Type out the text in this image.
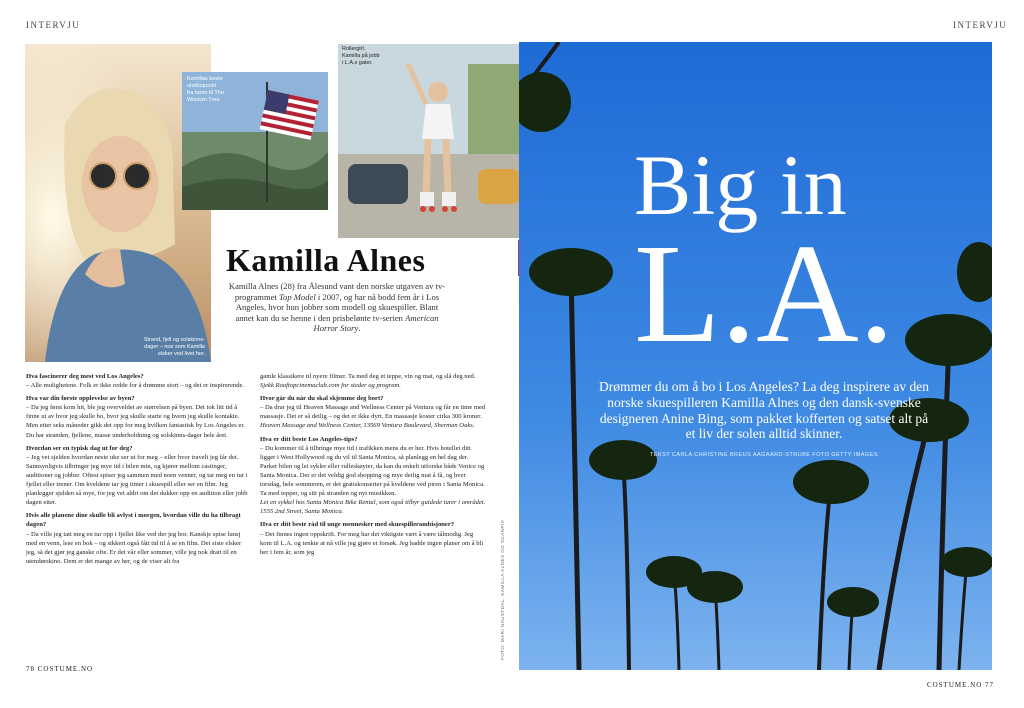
INTERVJU
Strand, fjell og solskinns-
dager – noe som Kamilla
elsker ved livet her.
Kamillas beste
utsiktspunkt
fra turen til The
Wisdom Tree.
Rollergirl.
Kamilla på jobb
i L.A.s gater.
Kamilla Alnes
Kamilla Alnes (28) fra Ålesund vant den norske utgaven av tv-programmet Top Model i 2007, og har nå bodd fem år i Los Angeles, hvor hun jobber som modell og skuespiller. Blant annet kan du se henne i den prisbelønte tv-serien American Horror Story.
Hva fascinerer deg mest ved Los Angeles?
– Alle mulighetene. Folk er ikke redde for å drømme stort – og det er inspirerende.
Hva var din første opplevelse av byen?
– Da jeg først kom hit, ble jeg overveldet av størrelsen på byen. Det tok litt tid å finne ut av hvor jeg skulle bo, hvor jeg skulle starte og hvem jeg skulle kontakte. Men etter seks måneder gikk det opp for meg hvilken fantastisk by Los Angeles er. Du har stranden, fjellene, masse underholdning og solskinns-dager hele året.
Hvordan ser en typisk dag ut for deg?
– Jeg vet sjelden hvordan neste uke ser ut for meg – eller hvor travelt jeg får det. Sannsynligvis tilbringer jeg mye tid i bilen min, og kjører mellom castinger, auditioner og jobber. Oftest spiser jeg sammen med noen venner, og tar meg en tur i fjellet eller trener. Om kveldene tar jeg timer i skuespill eller ser en film. Jeg planlegger sjelden så mye, for jeg vet aldri om det dukker opp en audition eller jobb dagen etter.
Hvis alle planene dine skulle bli avlyst i morgen, hvordan ville du ha tilbragt dagen?
– Da ville jeg tatt meg en tur opp i fjellet like ved der jeg bor. Kanskje spise lunsj med en venn, lese en bok – og sikkert også fått tid til å se en film. Det siste elsker jeg, så det gjør jeg ganske ofte. Er det vår eller sommer, ville jeg nok dratt til en utendørskino. Dem er det mange av her, og de viser alt fra
gamle klassikere til nyere filmer. Ta med deg et teppe, vin og mat, og slå deg ned.
Sjekk Rooftopcinemaclub.com for steder og program.
Hvor går du når du skal skjemme deg bort?
– Da drar jeg til Heaven Massage and Wellness Center på Ventura og får en time med massasje. Det er så deilig – og det er ikke dyrt. En massasje koster cirka 300 kroner.
Heaven Massage and Wellness Center, 13569 Ventura Boulevard, Sherman Oaks.
Hva er ditt beste Los Angeles-tips?
– Du kommer til å tilbringe mye tid i trafikken mens du er her. Hvis hotellet ditt ligger i West Hollywood og du vil til Santa Monica, så planlegg en hel dag der. Parker bilen og lei sykler eller rulleskøyter, da kan du enkelt utforske både Venice og Santa Monica. Der er det veldig god shopping og mye deilig mat å få, og hver torsdag, hele sommeren, er det gratiskonserter på kveldene ved piren i Santa Monica. Ta med tepper, og sitt på stranden og nyt musikken.
Lei en sykkel hos Santa Monica Bike Rental, som også tilbyr guidede turer i området. 1555 2nd Street, Santa Monica.
Hva er ditt beste råd til unge mennesker med skuespillerambisjoner?
– Det finnes ingen oppskrift. For meg har det viktigste vært å være tålmodig. Jeg kom til L.A. og tenkte at nå ville jeg gjøre et forsøk. Jeg hadde ingen planer om å bli her i fem år, som jeg	FOTO: MARI NAUSTDAL, KAMILLA ALNES OG SCANPIX
78 COSTUME.NO
INTERVJU
Big in
L.A.
Drømmer du om å bo i Los Angeles? La deg inspirere av den norske skuespilleren Kamilla Alnes og den dansk-svenske designeren Anine Bing, som pakket kofferten og satset alt på et liv der solen alltid skinner.
TEKST CARLA CHRISTINE BREUS AAGAARD-STRUBE FOTO GETTY IMAGES
COSTUME.NO 77
